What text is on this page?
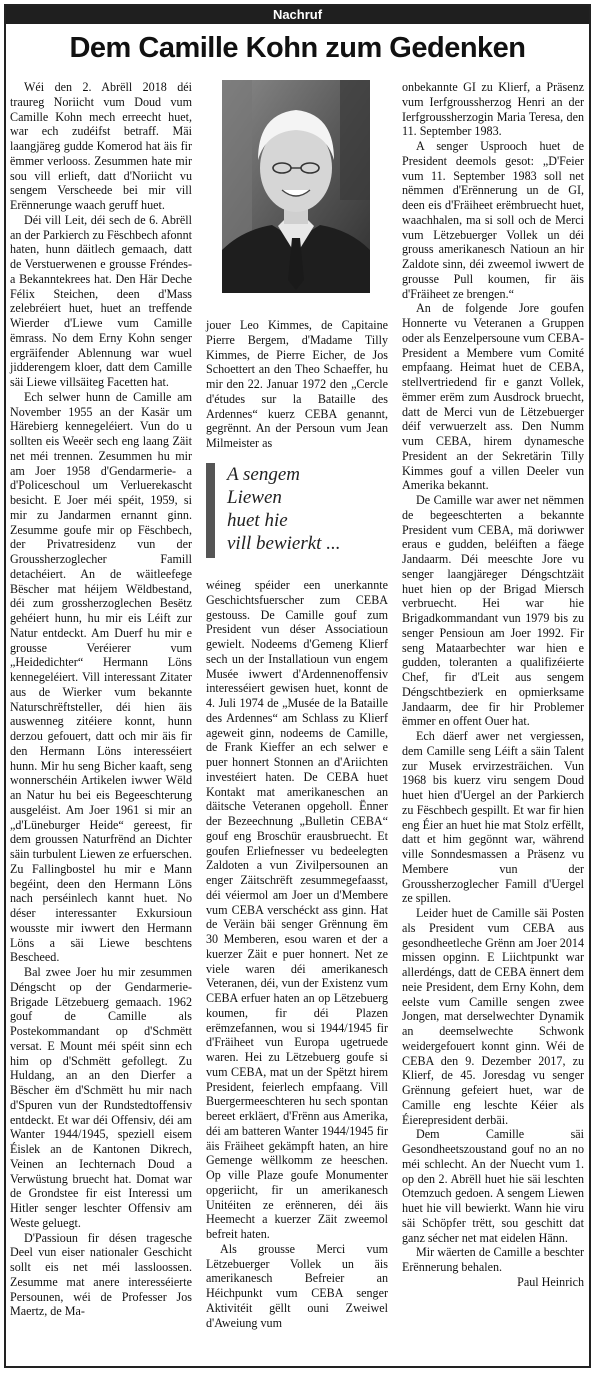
Nachruf
Dem Camille Kohn zum Gedenken

Wéi den 2. Abrëll 2018 déi traureg Noriicht vum Doud vum Camille Kohn mech erreecht huet, war ech zudéifst betraff. Mäi laangjäreg gudde Komerod hat äis fir ëmmer verlooss. Zesummen hate mir sou vill erlieft, datt d'Noriicht vu sengem Verscheede bei mir vill Erënnerunge waach geruff huet.

Déi vill Leit, déi sech de 6. Abrëll an der Parkierch zu Fëschbech afonnt haten, hunn däitlech gemaach, datt de Verstuerwenen e grousse Fréndes- a Bekanntekrees hat. Den Här Deche Félix Steichen, deen d'Mass zelebréiert huet, huet an treffende Wierder d'Liewe vum Camille ëmrass. No dem Erny Kohn senger ergräifender Ablennung war wuel jidderengem kloer, datt dem Camille säi Liewe villsäiteg Facetten hat.

Ech selwer hunn de Camille am November 1955 an der Kasär um Härebierg kennegeléiert. Vun do u sollten eis Weeër sech eng laang Zäit net méi trennen. Zesummen hu mir am Joer 1958 d'Gendarmerie- a d'Policeschoul um Verluerekascht besicht. E Joer méi spéit, 1959, si mir zu Jandarmen ernannt ginn. Zesumme goufe mir op Fëschbech, der Privatresidenz vun der Groussherzoglecher Famill detachéiert. An de wäitleefege Bëscher mat héijem Wëldbestand, déi zum grossherzoglechen Besëtz gehéiert hunn, hu mir eis Léift zur Natur entdeckt. Am Duerf hu mir e grousse Veréierer vum „Heidedichter“ Hermann Löns kennegeléiert. Vill interessant Zitater aus de Wierker vum bekannte Naturschrëftsteller, déi hien äis auswenneg zitéiere konnt, hunn derzou gefouert, datt och mir äis fir den Hermann Löns interesséiert hunn. Mir hu seng Bicher kaaft, seng wonnerschéin Artikelen iwwer Wëld an Natur hu bei eis Begeeschterung ausgeléist. Am Joer 1961 si mir an „d'Lüneburger Heide“ gereest, fir dem groussen Naturfrënd an Dichter säin turbulent Liewen ze erfuerschen. Zu Fallingbostel hu mir e Mann begéint, deen den Hermann Löns nach perséinlech kannt huet. No déser interessanter Exkursioun wousste mir iwwert den Hermann Löns a säi Liewe beschtens Bescheed.

Bal zwee Joer hu mir zesummen Déngscht op der Gendarmerie-Brigade Lëtzebuerg gemaach. 1962 gouf de Camille als Postekommandant op d'Schmëtt versat. E Mount méi spéit sinn ech him op d'Schmëtt gefollegt. Zu Huldang, an an den Dierfer a Bëscher ëm d'Schmëtt hu mir nach d'Spuren vun der Rundstedtoffensiv entdeckt. Et war déi Offensiv, déi am Wanter 1944/1945, speziell eisem Éislek an de Kantonen Dikrech, Veinen an Iechternach Doud a Verwüstung bruecht hat. Domat war de Grondstee fir eist Interessi um Hitler senger leschter Offensiv am Weste geluegt.

D'Passioun fir désen tragesche Deel vun eiser nationaler Geschicht sollt eis net méi lassloossen. Zesumme mat anere interesséierte Persounen, wéi de Professer Jos Maertz, de Ma-

jouer Leo Kimmes, de Capitaine Pierre Bergem, d'Madame Tilly Kimmes, de Pierre Eicher, de Jos Schoettert an den Theo Schaeffer, hu mir den 22. Januar 1972 den „Cercle d'études sur la Bataille des Ardennes“ kuerz CEBA genannt, gegrënnt. An der Persoun vum Jean Milmeister as

A sengem
Liewen
huet hie
vill bewierkt ...

wéineg spéider een unerkannte Geschichtsfuerscher zum CEBA gestouss. De Camille gouf zum President vun déser Associatioun gewielt. Nodeems d'Gemeng Klierf sech un der Installatioun vun engem Musée iwwert d'Ardennenoffensiv interesséiert gewisen huet, konnt de 4. Juli 1974 de „Musée de la Bataille des Ardennes“ am Schlass zu Klierf ageweit ginn, nodeems de Camille, de Frank Kieffer an ech selwer e puer honnert Stonnen an d'Ariichten investéiert haten. De CEBA huet Kontakt mat amerikaneschen an däitsche Veteranen opgeholl. Ënner der Bezeechnung „Bulletin CEBA“ gouf eng Broschür erausbruecht. Et goufen Erliefnesser vu bedeelegten Zaldoten a vun Zivilpersounen an enger Zäitschrëft zesummegefaasst, déi véiermol am Joer un d'Membere vum CEBA verschéckt ass ginn. Hat de Veräin bäi senger Grënnung ëm 30 Memberen, esou waren et der a kuerzer Zäit e puer honnert. Net ze viele waren déi amerikanesch Veteranen, déi, vun der Existenz vum CEBA erfuer haten an op Lëtzebuerg koumen, fir déi Plazen erëmzefannen, wou si 1944/1945 fir d'Fräiheet vun Europa ugetruede waren. Hei zu Lëtzebuerg goufe si vum CEBA, mat un der Spëtzt hirem President, feierlech empfaang. Vill Buergermeeschteren hu sech spontan bereet erkläert, d'Frënn aus Amerika, déi am batteren Wanter 1944/1945 fir äis Fräiheet gekämpft haten, an hire Gemenge wëllkomm ze heeschen. Op ville Plaze goufe Monumenter opgeriicht, fir un amerikanesch Unitéiten ze erënneren, déi äis Heemecht a kuerzer Zäit zweemol befreit haten.

Als grousse Merci vum Lëtzebuerger Vollek un äis amerikanesch Befreier an Héichpunkt vum CEBA senger Aktivitéit gëllt ouni Zweiwel d'Aweiung vum

onbekannte GI zu Klierf, a Präsenz vum Ierfgroussherzog Henri an der Ierfgroussherzogin Maria Teresa, den 11. September 1983.

A senger Usprooch huet de President deemols gesot: „D'Feier vum 11. September 1983 soll net nëmmen d'Erënnerung un de GI, deen eis d'Fräiheet erëmbruecht huet, waachhalen, ma si soll och de Merci vum Lëtzebuerger Vollek un déi grouss amerikanesch Natioun an hir Zaldote sinn, déi zweemol iwwert de grousse Pull koumen, fir äis d'Fräiheet ze brengen.“

An de folgende Jore goufen Honnerte vu Veteranen a Gruppen oder als Eenzelpersoune vum CEBA-President a Membere vum Comité empfaang. Heimat huet de CEBA, stellvertriedend fir e ganzt Vollek, ëmmer erëm zum Ausdrock bruecht, datt de Merci vun de Lëtzebuerger déif verwuerzelt ass. Den Numm vum CEBA, hirem dynamesche President an der Sekretärin Tilly Kimmes gouf a villen Deeler vun Amerika bekannt.

De Camille war awer net nëmmen de begeeschterten a bekannte President vum CEBA, mä doriwwer eraus e gudden, beléiften a fäege Jandaarm. Déi meeschte Jore vu senger laangjäreger Déngschtzäit huet hien op der Brigad Miersch verbruecht. Hei war hie Brigadkommandant vun 1979 bis zu senger Pensioun am Joer 1992. Fir seng Mataarbechter war hien e gudden, toleranten a qualifizéierte Chef, fir d'Leit aus sengem Déngschtbezierk en opmierksame Jandaarm, dee fir hir Problemer ëmmer en offent Ouer hat.

Ech däerf awer net vergiessen, dem Camille seng Léift a säin Talent zur Musek ervirzesträichen. Vun 1968 bis kuerz viru sengem Doud huet hien d'Uergel an der Parkierch zu Fëschbech gespillt. Et war fir hien eng Éier an huet hie mat Stolz erfëllt, datt et him gegönnt war, während ville Sonndesmassen a Präsenz vu Membere vun der Groussherzoglecher Famill d'Uergel ze spillen.

Leider huet de Camille säi Posten als President vum CEBA aus gesondheetleche Grënn am Joer 2014 missen opginn. E Liichtpunkt war allerdéngs, datt de CEBA ënnert dem neie President, dem Erny Kohn, dem eelste vum Camille sengen zwee Jongen, mat derselwechter Dynamik an deemselwechte Schwonk weidergefouert konnt ginn. Wéi de CEBA den 9. Dezember 2017, zu Klierf, de 45. Joresdag vu senger Grënnung gefeiert huet, war de Camille eng leschte Kéier als Éierepresident derbäi.

Dem Camille säi Gesondheetszoustand gouf no an no méi schlecht. An der Nuecht vum 1. op den 2. Abrëll huet hie säi leschten Otemzuch gedoen. A sengem Liewen huet hie vill bewierkt. Wann hie viru säi Schöpfer trëtt, sou geschitt dat ganz sécher net mat eidelen Hänn.

Mir wäerten de Camille a beschter Erënnerung behalen.

Paul Heinrich
